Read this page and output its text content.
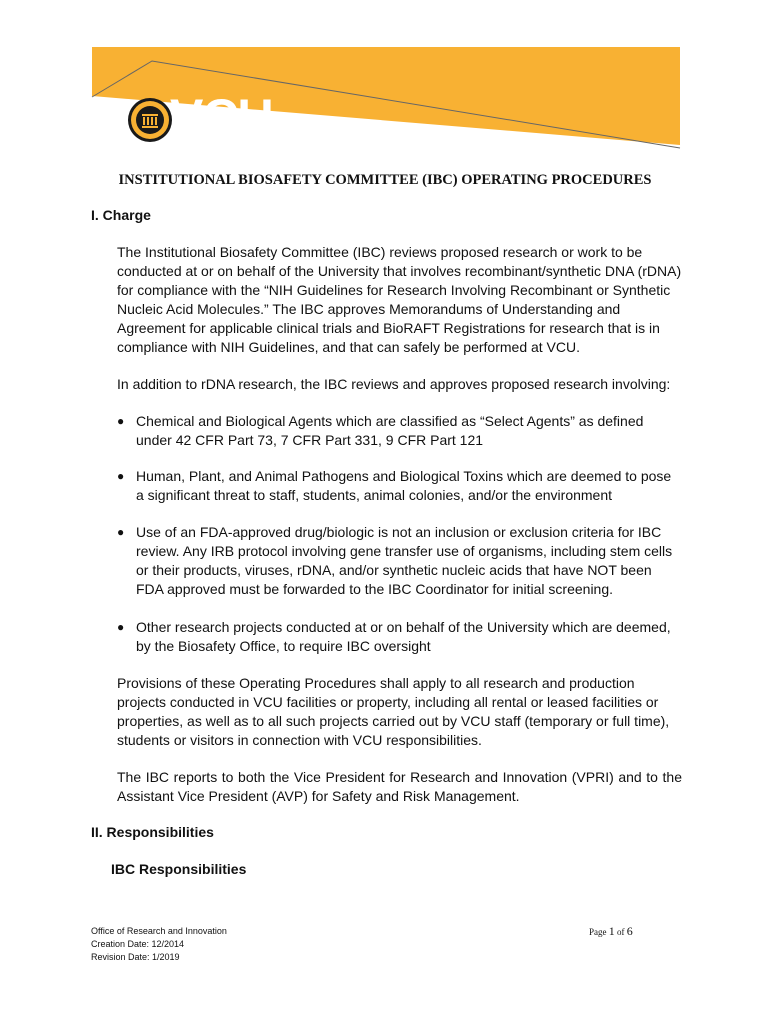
VCU
INSTITUTIONAL BIOSAFETY COMMITTEE (IBC) OPERATING PROCEDURES
I. Charge

The Institutional Biosafety Committee (IBC) reviews proposed research or work to be conducted at or on behalf of the University that involves recombinant/synthetic DNA (rDNA) for compliance with the “NIH Guidelines for Research Involving Recombinant or Synthetic Nucleic Acid Molecules.” The IBC approves Memorandums of Understanding and Agreement for applicable clinical trials and BioRAFT Registrations for research that is in compliance with NIH Guidelines, and that can safely be performed at VCU.

In addition to rDNA research, the IBC reviews and approves proposed research involving:

● Chemical and Biological Agents which are classified as “Select Agents” as defined under 42 CFR Part 73, 7 CFR Part 331, 9 CFR Part 121
● Human, Plant, and Animal Pathogens and Biological Toxins which are deemed to pose a significant threat to staff, students, animal colonies, and/or the environment
● Use of an FDA-approved drug/biologic is not an inclusion or exclusion criteria for IBC review. Any IRB protocol involving gene transfer use of organisms, including stem cells or their products, viruses, rDNA, and/or synthetic nucleic acids that have NOT been FDA approved must be forwarded to the IBC Coordinator for initial screening.
● Other research projects conducted at or on behalf of the University which are deemed, by the Biosafety Office, to require IBC oversight

Provisions of these Operating Procedures shall apply to all research and production projects conducted in VCU facilities or property, including all rental or leased facilities or properties, as well as to all such projects carried out by VCU staff (temporary or full time), students or visitors in connection with VCU responsibilities.

The IBC reports to both the Vice President for Research and Innovation (VPRI) and to the Assistant Vice President (AVP) for Safety and Risk Management.

II. Responsibilities
IBC Responsibilities
Office of Research and Innovation
Creation Date: 12/2014
Revision Date: 1/2019
Page 1 of 6
